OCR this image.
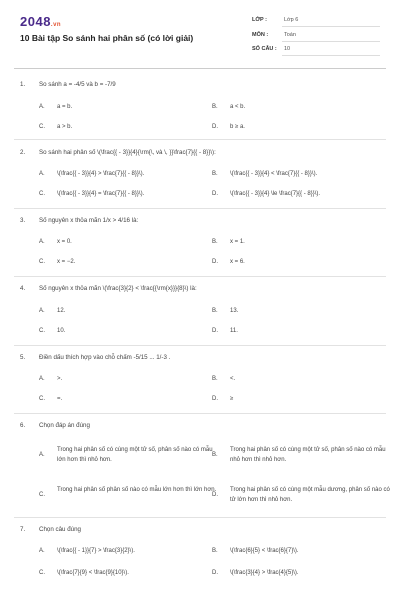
2048.vn
10 Bài tập So sánh hai phân số (có lời giải)
LỚP :	Lớp 6
MÔN :	Toán
SỐ CÂU : 10
1. So sánh a = -4/5 và b = -7/9
A. a = b.	B. a < b.
C. a > b.	D. b ≥ a.
2. So sánh hai phân số \(\frac{{ - 3}}{4}{\rm{\, và \, }}\frac{7}{{ - 8}}\):
A. \(\frac{{ - 3}}{4} > \frac{7}{{ - 8}}\).	B. \(\frac{{ - 3}}{4} < \frac{7}{{ - 8}}\).
C. \(\frac{{ - 3}}{4} = \frac{7}{{ - 8}}\).	D. \(\frac{{ - 3}}{4} \le \frac{7}{{ - 8}}\).
3. Số nguyên x thỏa mãn 1/x > 4/16 là:
A. x = 0.	B. x = 1.
C. x = −2.	D. x = 6.
4. Số nguyên x thỏa mãn \(\frac{3}{2} < \frac{{\rm{x}}}{8}\) là:
A. 12.	B. 13.
C. 10.	D. 11.
5. Điền dấu thích hợp vào chỗ chấm -5/15 ... 1/-3 .
A. >.	B. <.
C. =.	D. ≥
6. Chọn đáp án đúng
A.
Trong hai phân số có cùng một tử số, phân số nào có mẫu lớn hơn thì nhỏ hơn.
B.
Trong hai phân số có cùng một tử số, phân số nào có mẫu nhỏ hơn thì nhỏ hơn.
C.
Trong hai phân số phân số nào có mẫu lớn hơn thì lớn hơn.
D.
Trong hai phân số có cùng một mẫu dương, phân số nào có tử lớn hơn thì nhỏ hơn.
7. Chọn câu đúng
A. \(\frac{{ - 1}}{7} > \frac{3}{2}\).	B. \(\frac{6}{5} < \frac{6}{7}\).
C. \(\frac{7}{9} < \frac{9}{10}\).	D. \(\frac{3}{4} > \frac{4}{5}\).
